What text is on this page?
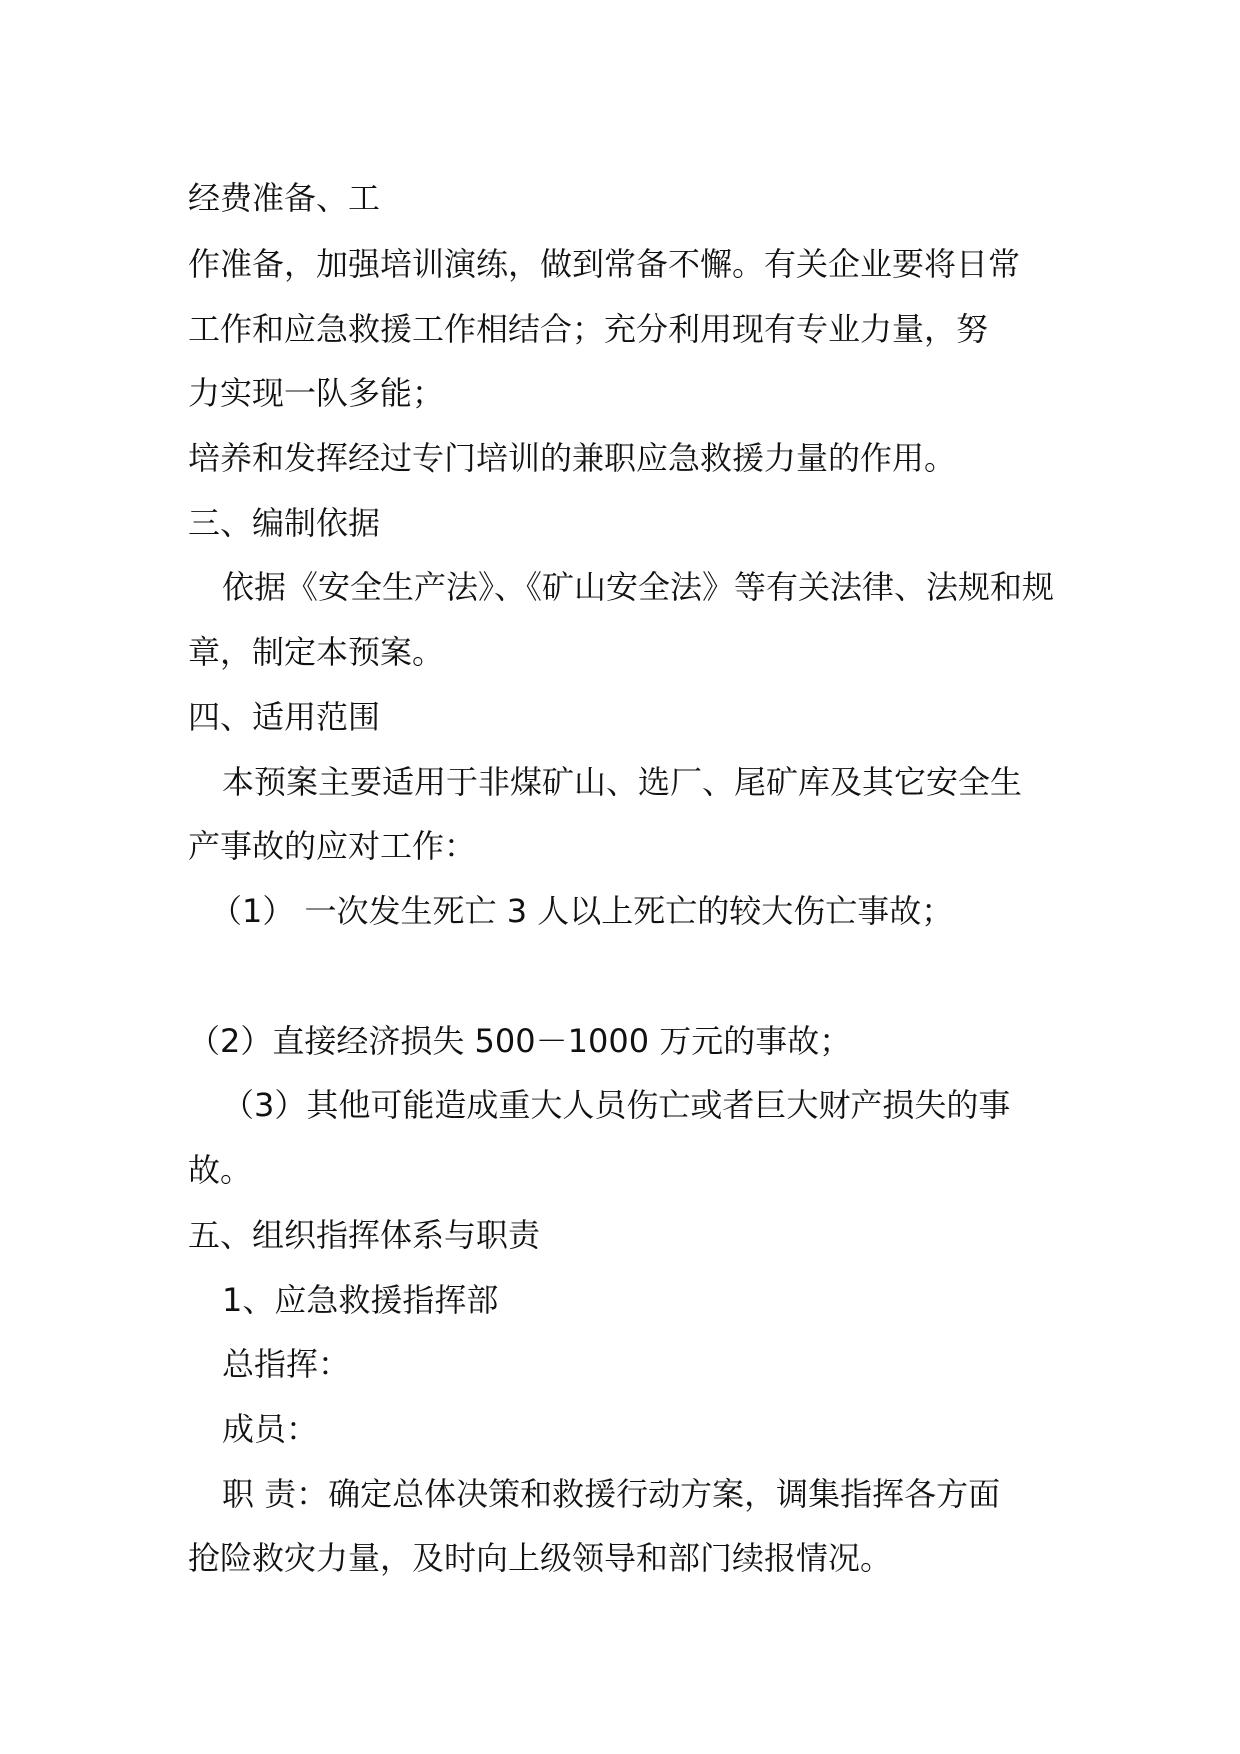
经费准备、工
作准备，加强培训演练，做到常备不懈。有关企业要将日常
工作和应急救援工作相结合；充分利用现有专业力量，努
力实现一队多能；
培养和发挥经过专门培训的兼职应急救援力量的作用。
三、编制依据
依据《安全生产法》、《矿山安全法》等有关法律、法规和规
章，制定本预案。
四、适用范围
本预案主要适用于非煤矿山、选厂、尾矿库及其它安全生
产事故的应对工作：
（1） 一次发生死亡 3 人以上死亡的较大伤亡事故；
（2）直接经济损失 500－1000 万元的事故；
（3）其他可能造成重大人员伤亡或者巨大财产损失的事
故。
五、组织指挥体系与职责
1、应急救援指挥部
总指挥：
成员：
职 责：确定总体决策和救援行动方案，调集指挥各方面
抢险救灾力量，及时向上级领导和部门续报情况。
